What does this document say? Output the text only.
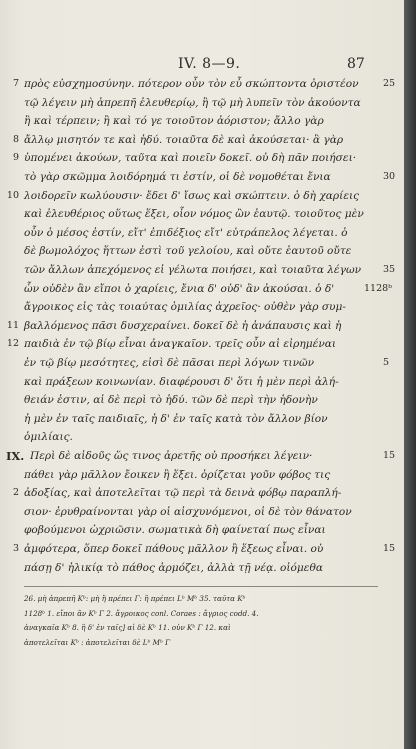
IV. 8—9.	87
7 πρὸς εὐσχημοσύνην. πότερον οὖν τὸν εὖ σκώπτοντα ὁριστέον	25
τῷ λέγειν μὴ ἀπρεπῆ ἐλευθερίῳ, ἢ τῷ μὴ λυπεῖν τὸν ἀκούοντα
ἢ καὶ τέρπειν; ἢ καὶ τό γε τοιοῦτον ἀόριστον; ἄλλο γὰρ
8 ἄλλῳ μισητόν τε καὶ ἡδύ. τοιαῦτα δὲ καὶ ἀκούσεται· ἃ γὰρ
9 ὑπομένει ἀκούων, ταῦτα καὶ ποιεῖν δοκεῖ. οὐ δὴ πᾶν ποιήσει·
τὸ γὰρ σκῶμμα λοιδόρημά τι ἐστίν, οἱ δὲ νομοθέται ἔνια	30
10 λοιδορεῖν κωλύουσιν· ἔδει δ' ἴσως καὶ σκώπτειν. ὁ δὴ χαρίεις
καὶ ἐλευθέριος οὕτως ἕξει, οἷον νόμος ὢν ἑαυτῷ. τοιοῦτος μὲν
οὖν ὁ μέσος ἐστίν, εἴτ' ἐπιδέξιος εἴτ' εὐτράπελος λέγεται. ὁ
δὲ βωμολόχος ἥττων ἐστὶ τοῦ γελοίου, καὶ οὔτε ἑαυτοῦ οὔτε
τῶν ἄλλων ἀπεχόμενος εἰ γέλωτα ποιήσει, καὶ τοιαῦτα λέγων 35
ὧν οὐδὲν ἂν εἴποι ὁ χαρίεις, ἔνια δ' οὐδ' ἂν ἀκούσαι. ὁ δ'	1128ᵇ
ἄγροικος εἰς τὰς τοιαύτας ὁμιλίας ἀχρεῖος· οὐθὲν γὰρ συμ-
11 βαλλόμενος πᾶσι δυσχεραίνει. δοκεῖ δὲ ἡ ἀνάπαυσις καὶ ἡ
12 παιδιὰ ἐν τῷ βίῳ εἶναι ἀναγκαῖον. τρεῖς οὖν αἱ εἰρημέναι
ἐν τῷ βίῳ μεσότητες, εἰσὶ δὲ πᾶσαι περὶ λόγων τινῶν	5
καὶ πράξεων κοινωνίαν. διαφέρουσι δ' ὅτι ἡ μὲν περὶ ἀλή-
θειάν ἐστιν, αἱ δὲ περὶ τὸ ἡδύ. τῶν δὲ περὶ τὴν ἡδονὴν
ἡ μὲν ἐν ταῖς παιδιαῖς, ἡ δ' ἐν ταῖς κατὰ τὸν ἄλλον βίον
ὁμιλίαις.
IX. Περὶ δὲ αἰδοῦς ὥς τινος ἀρετῆς οὐ προσήκει λέγειν·	15
πάθει γὰρ μᾶλλον ἔοικεν ἢ ἕξει. ὁρίζεται γοῦν φόβος τις
2 ἀδοξίας, καὶ ἀποτελεῖται τῷ περὶ τὰ δεινὰ φόβῳ παραπλή-
σιον· ἐρυθραίνονται γὰρ οἱ αἰσχυνόμενοι, οἱ δὲ τὸν θάνατον
φοβούμενοι ὠχριῶσιν. σωματικὰ δὴ φαίνεταί πως εἶναι
3 ἀμφότερα, ὅπερ δοκεῖ πάθους μᾶλλον ἢ ἕξεως εἶναι. οὐ	15
πάσῃ δ' ἡλικίᾳ τὸ πάθος ἁρμόζει, ἀλλὰ τῇ νέᾳ. οἰόμεθα
26. μὴ ἀπρεπῆ Kᵇ: μὴ ἢ πρέπει Γ: ἢ πρέπει Lᵇ Mᵇ 35. ταῦτα Kᵇ
1128ᵇ 1. εἴποι ἂν Kᵇ Γ 2. ἄγροικος conl. Coraes : ἄγριος codd. 4.
ἀναγκαῖα Kᵇ 8. ἢ δ' ἐν ταῖς] αἱ δὲ Kᵇ 11. οὐν Kᵇ Γ 12. καὶ
ἀποτελεῖται Kᵇ : ἀποτελεῖται δὲ Lᵇ Mᵇ Γ
